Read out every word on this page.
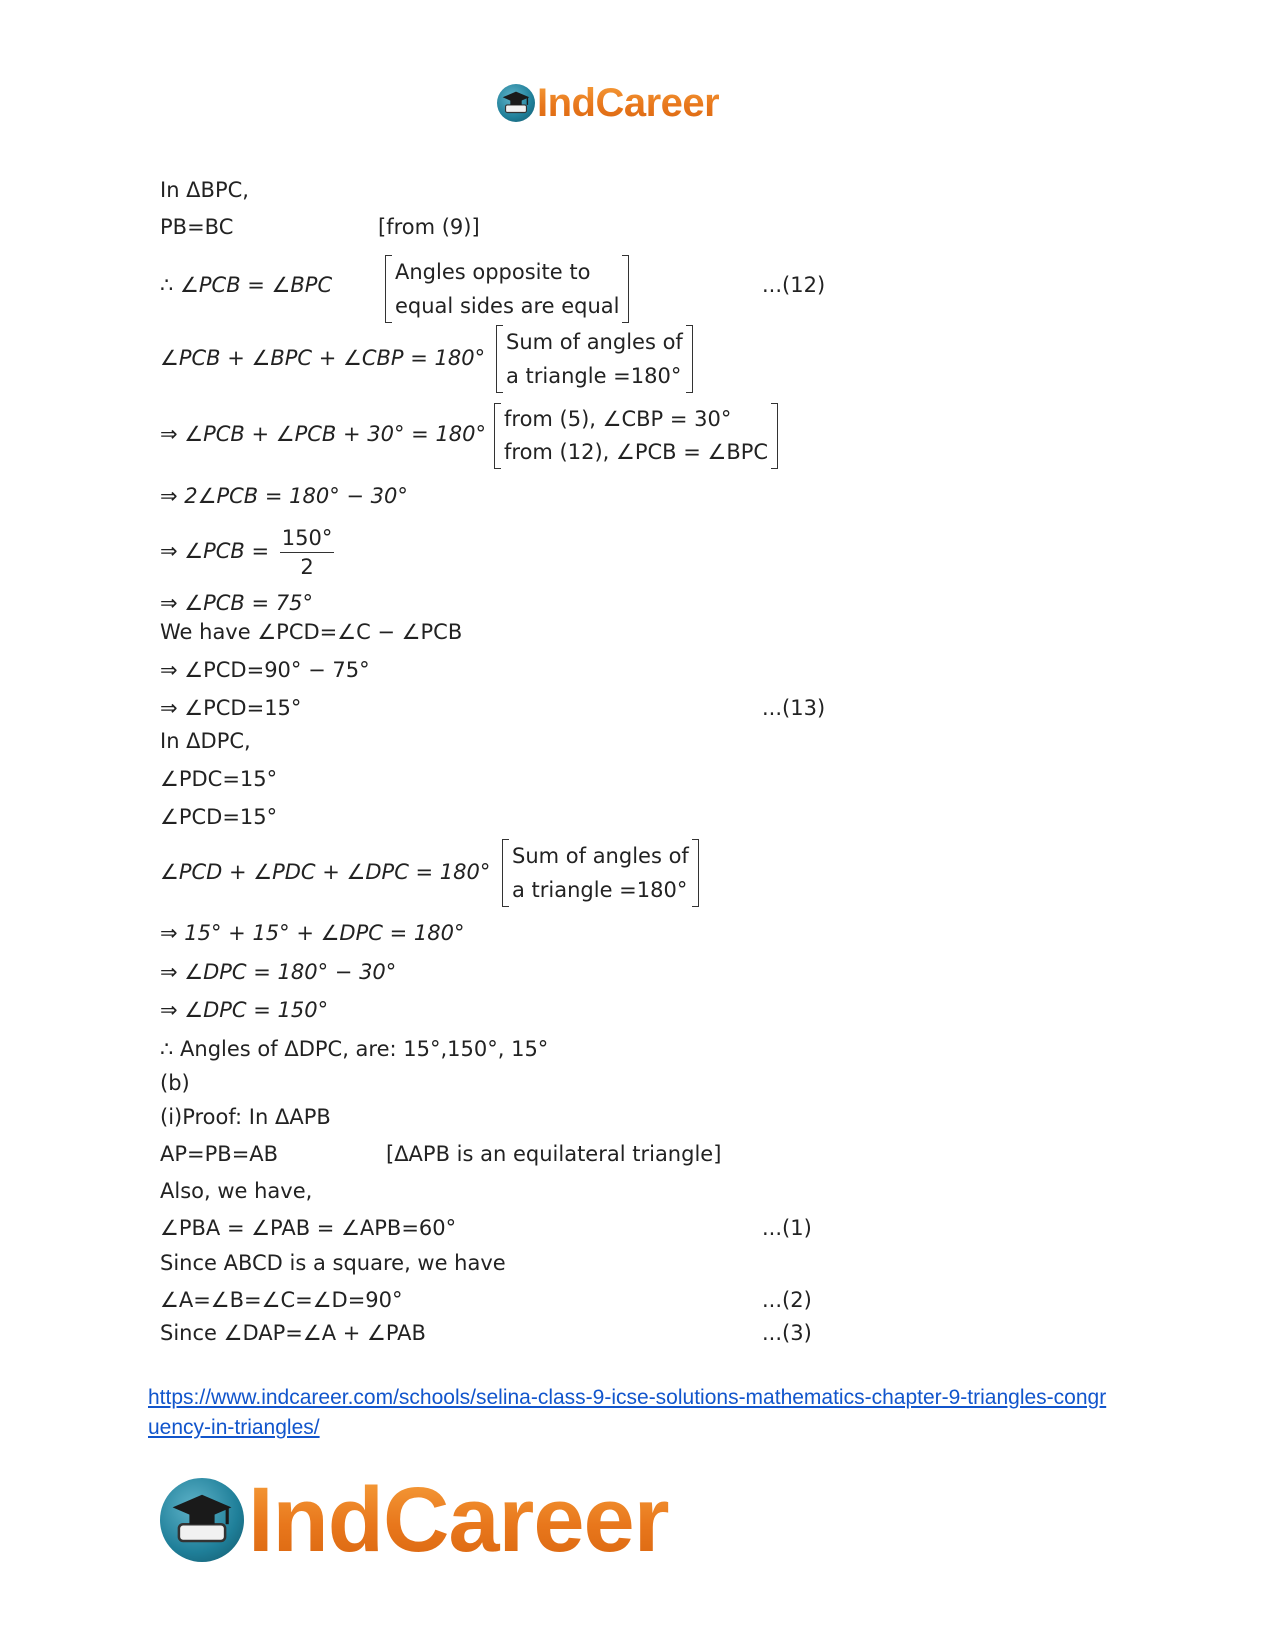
IndCareer
In ΔBPC,
PB=BC	[from (9)]
∴ ∠PCB = ∠BPC
Angles opposite to
equal sides are equal
...(12)
∠PCB + ∠BPC + ∠CBP = 180°
Sum of angles of
a triangle =180°
⇒ ∠PCB + ∠PCB + 30° = 180°
from (5), ∠CBP = 30°
from (12), ∠PCB = ∠BPC
⇒ 2∠PCB = 180° − 30°
⇒ ∠PCB = $\frac{150^\circ}{2}$
⇒ ∠PCB = 75°
We have ∠PCD=∠C − ∠PCB
⇒ ∠PCD=90° − 75°
⇒ ∠PCD=15°	...(13)
In ΔDPC,
∠PDC=15°
∠PCD=15°
∠PCD + ∠PDC + ∠DPC = 180°
Sum of angles of
a triangle =180°
⇒ 15° + 15° + ∠DPC = 180°
⇒ ∠DPC = 180° − 30°
⇒ ∠DPC = 150°
∴ Angles of ΔDPC, are: 15°,150°, 15°
(b)
(i)Proof: In ΔAPB
AP=PB=AB	[ΔAPB is an equilateral triangle]
Also, we have,
∠PBA = ∠PAB = ∠APB=60°	...(1)
Since ABCD is a square, we have
∠A=∠B=∠C=∠D=90°	...(2)
Since ∠DAP=∠A + ∠PAB	...(3)
https://www.indcareer.com/schools/selina-class-9-icse-solutions-mathematics-chapter-9-triangles-congruency-in-triangles/
IndCareer
